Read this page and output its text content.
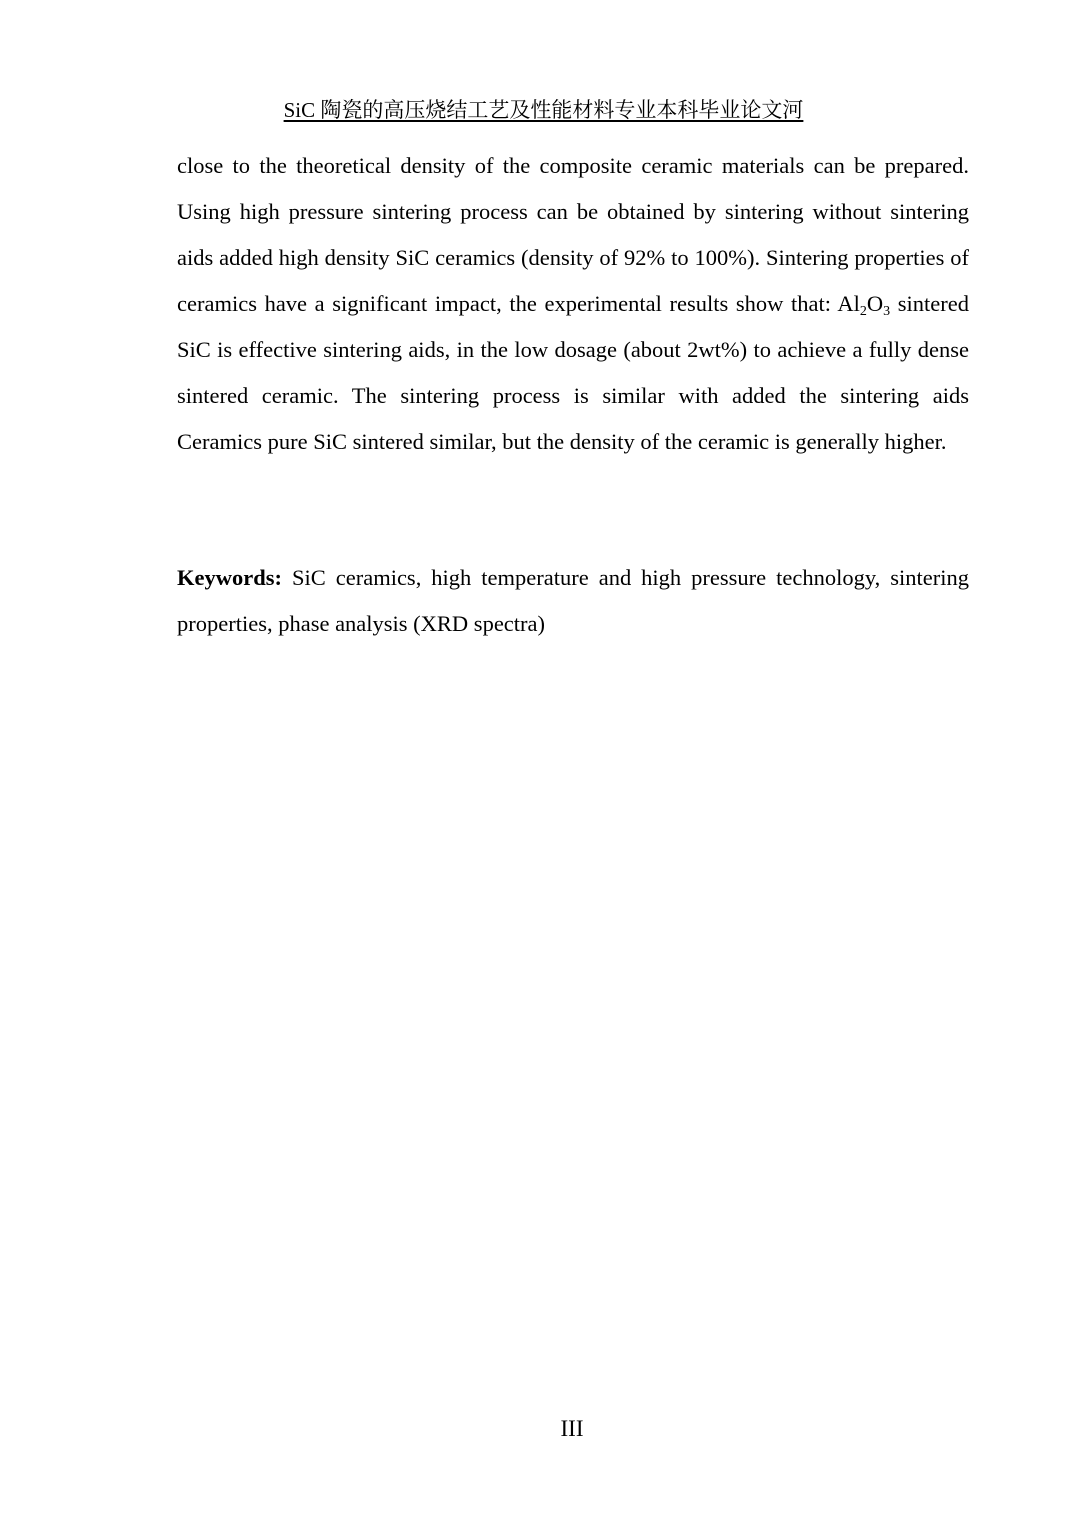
SiC 陶瓷的高压烧结工艺及性能材料专业本科毕业论文河

close to the theoretical density of the composite ceramic materials can be prepared. Using high pressure sintering process can be obtained by sintering without sintering aids added high density SiC ceramics (density of 92% to 100%). Sintering properties of ceramics have a significant impact, the experimental results show that: $Al_2O_3$ sintered SiC is effective sintering aids, in the low dosage (about 2wt%) to achieve a fully dense sintered ceramic. The sintering process is similar with added the sintering aids Ceramics pure SiC sintered similar, but the density of the ceramic is generally higher.

Keywords: SiC ceramics, high temperature and high pressure technology, sintering properties, phase analysis (XRD spectra)

III
